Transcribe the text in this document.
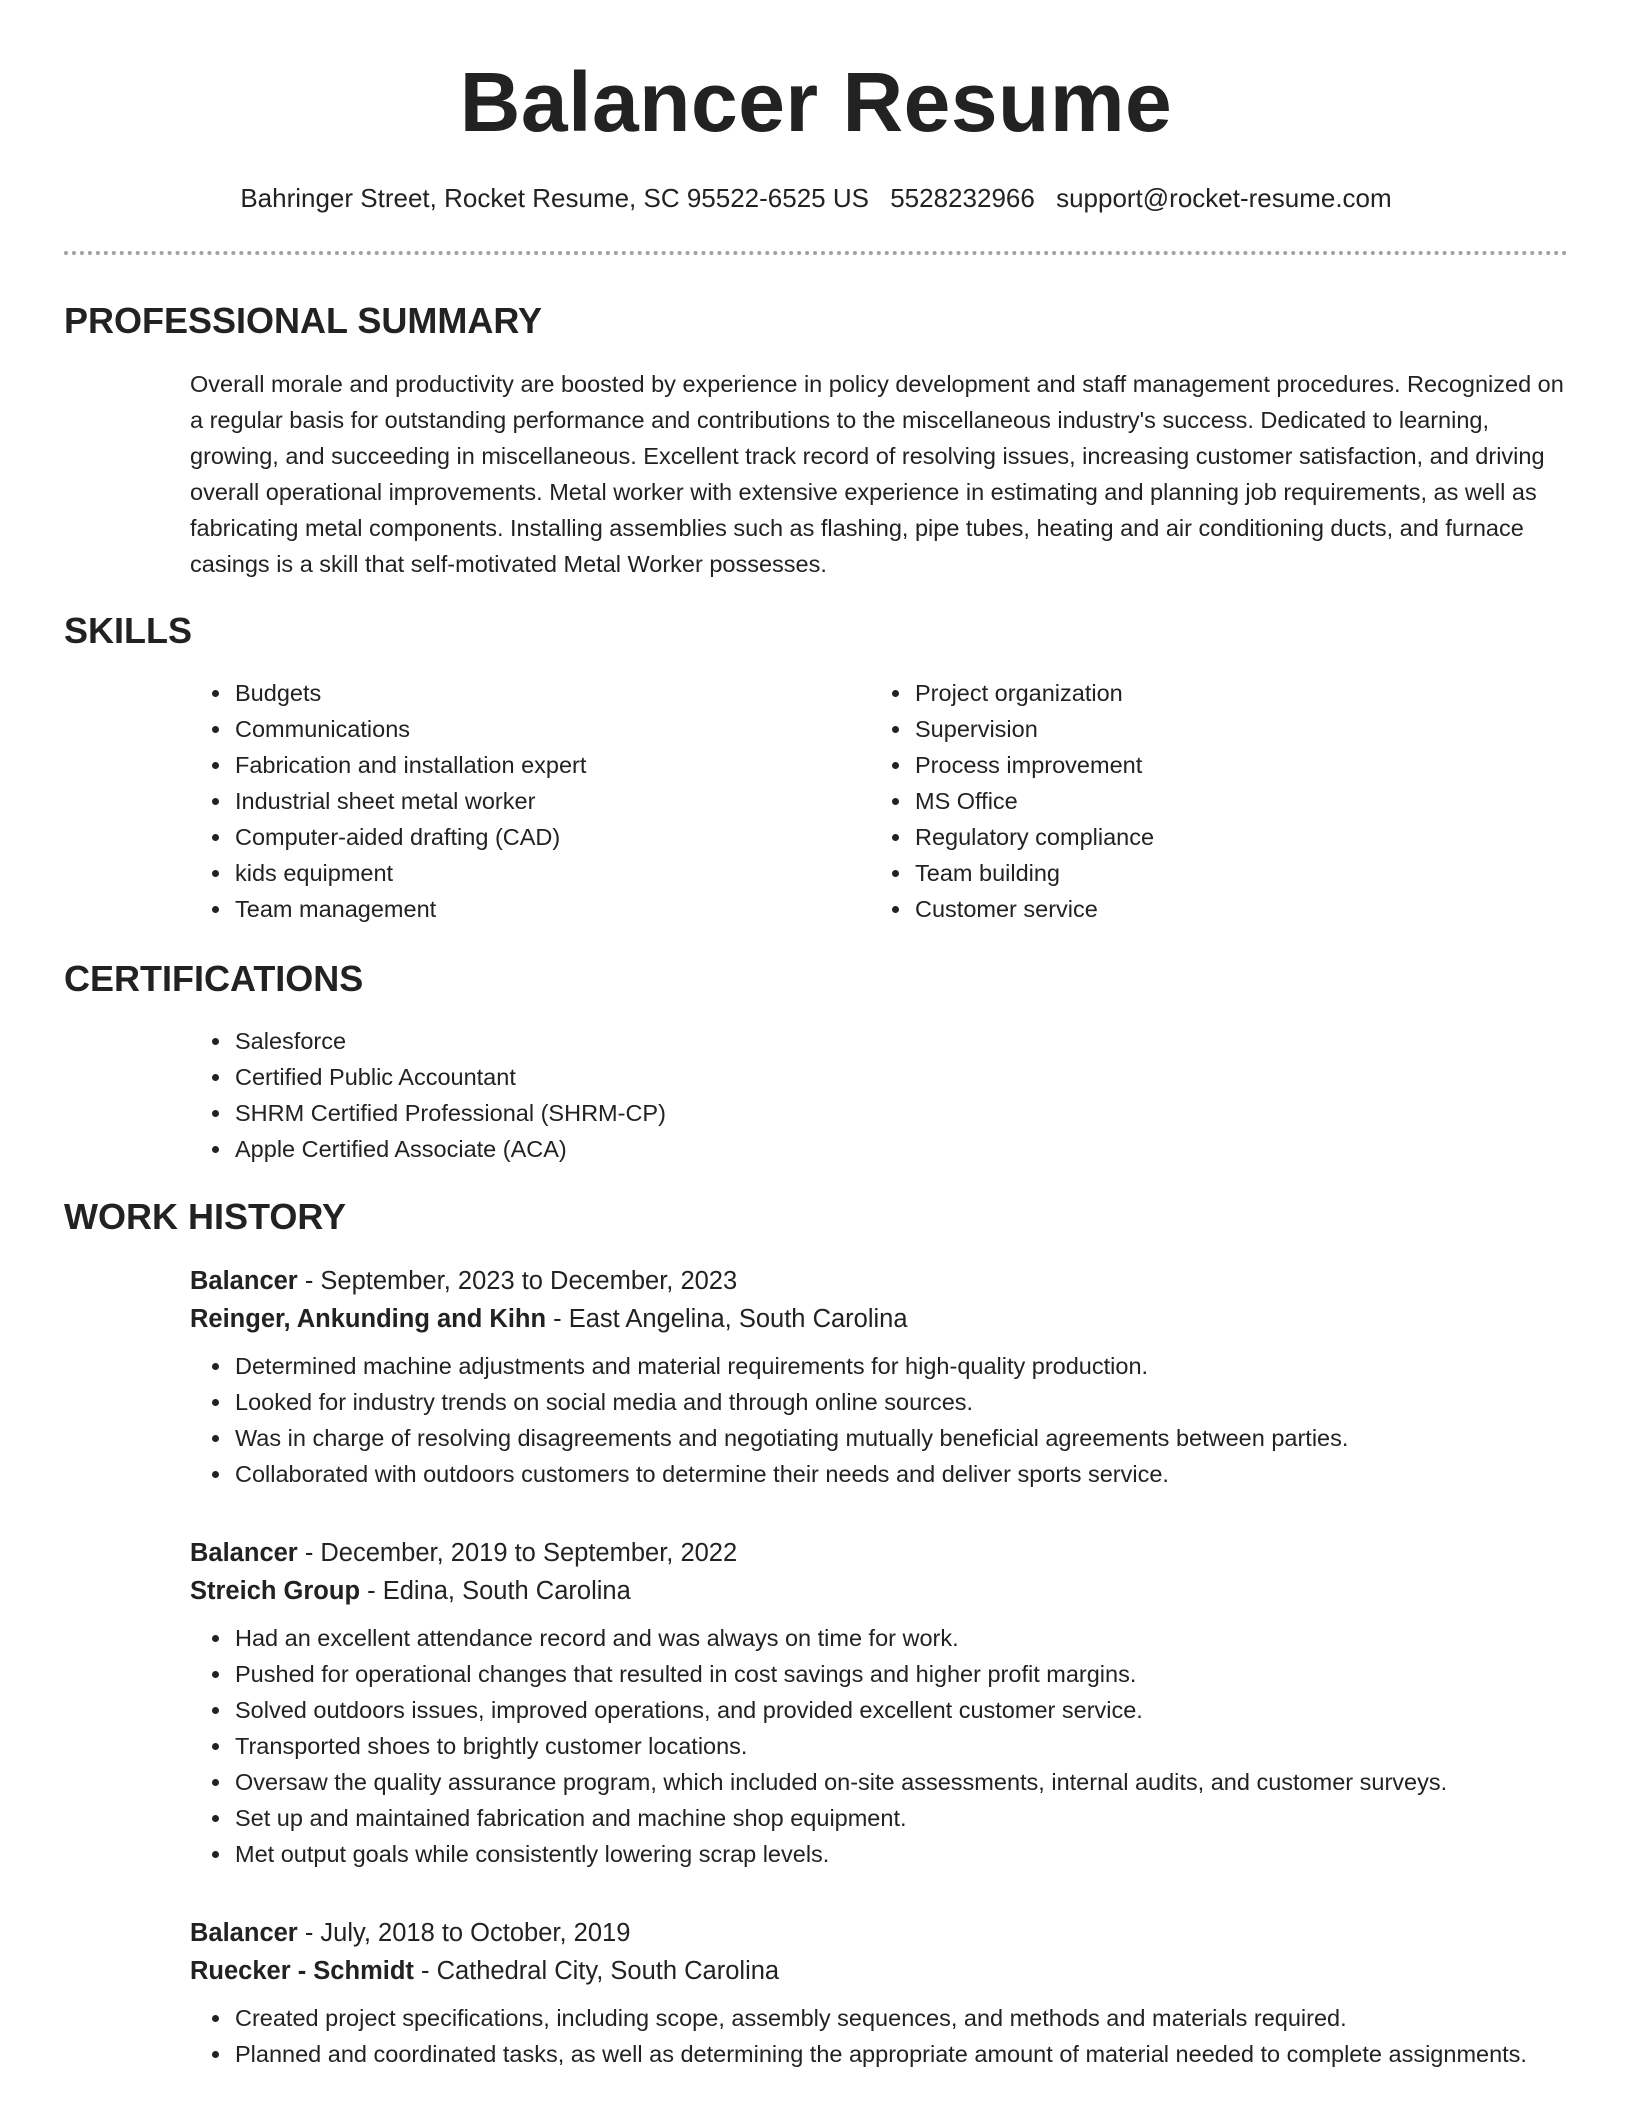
Balancer Resume
Bahringer Street, Rocket Resume, SC 95522-6525 US 5528232966 support@rocket-resume.com
PROFESSIONAL SUMMARY

Overall morale and productivity are boosted by experience in policy development and staff management procedures. Recognized on a regular basis for outstanding performance and contributions to the miscellaneous industry's success. Dedicated to learning, growing, and succeeding in miscellaneous. Excellent track record of resolving issues, increasing customer satisfaction, and driving overall operational improvements. Metal worker with extensive experience in estimating and planning job requirements, as well as fabricating metal components. Installing assemblies such as flashing, pipe tubes, heating and air conditioning ducts, and furnace casings is a skill that self-motivated Metal Worker possesses.

SKILLS
• Budgets
• Communications
• Fabrication and installation expert
• Industrial sheet metal worker
• Computer-aided drafting (CAD)
• kids equipment
• Team management
• Project organization
• Supervision
• Process improvement
• MS Office
• Regulatory compliance
• Team building
• Customer service
CERTIFICATIONS
• Salesforce
• Certified Public Accountant
• SHRM Certified Professional (SHRM-CP)
• Apple Certified Associate (ACA)
WORK HISTORY
Balancer - September, 2023 to December, 2023
Reinger, Ankunding and Kihn - East Angelina, South Carolina
• Determined machine adjustments and material requirements for high-quality production.
• Looked for industry trends on social media and through online sources.
• Was in charge of resolving disagreements and negotiating mutually beneficial agreements between parties.
• Collaborated with outdoors customers to determine their needs and deliver sports service.
Balancer - December, 2019 to September, 2022
Streich Group - Edina, South Carolina
• Had an excellent attendance record and was always on time for work.
• Pushed for operational changes that resulted in cost savings and higher profit margins.
• Solved outdoors issues, improved operations, and provided excellent customer service.
• Transported shoes to brightly customer locations.
• Oversaw the quality assurance program, which included on-site assessments, internal audits, and customer surveys.
• Set up and maintained fabrication and machine shop equipment.
• Met output goals while consistently lowering scrap levels.
Balancer - July, 2018 to October, 2019
Ruecker - Schmidt - Cathedral City, South Carolina
• Created project specifications, including scope, assembly sequences, and methods and materials required.
• Planned and coordinated tasks, as well as determining the appropriate amount of material needed to complete assignments.
